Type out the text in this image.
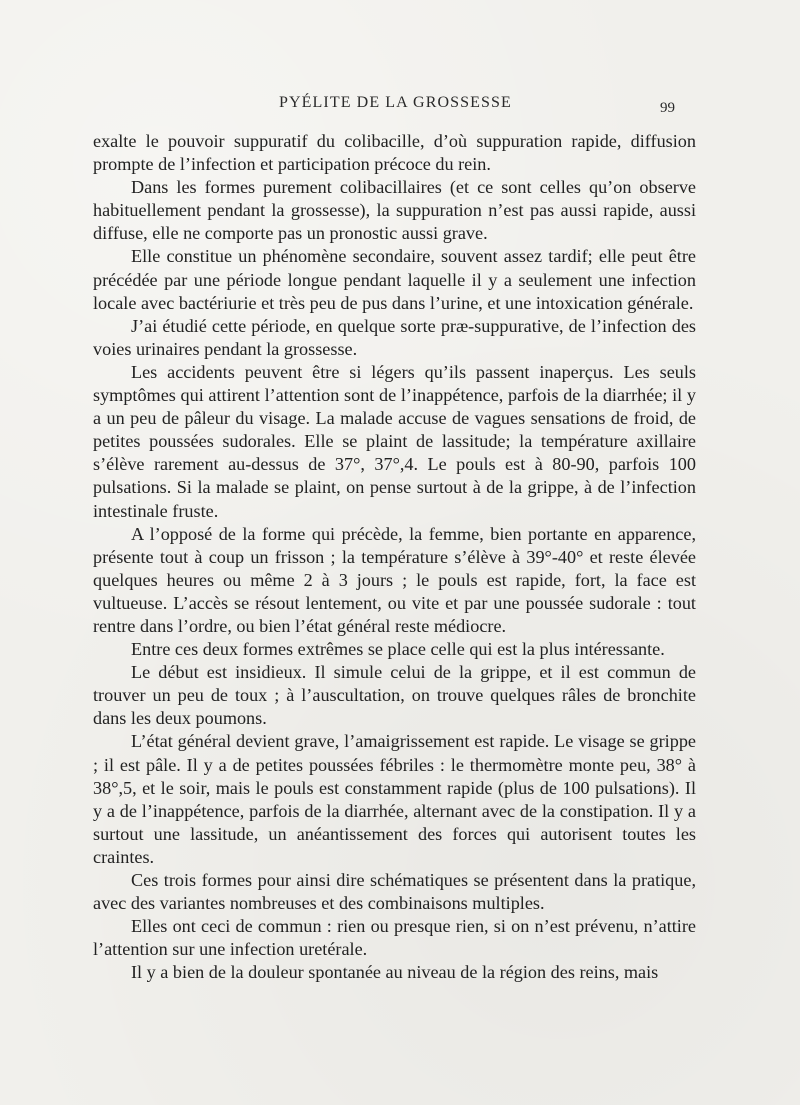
PYÉLITE DE LA GROSSESSE	99

exalte le pouvoir suppuratif du colibacille, d’où suppuration rapide, diffusion prompte de l’infection et participation précoce du rein.

Dans les formes purement colibacillaires (et ce sont celles qu’on observe habituellement pendant la grossesse), la suppuration n’est pas aussi rapide, aussi diffuse, elle ne comporte pas un pronostic aussi grave.

Elle constitue un phénomène secondaire, souvent assez tardif; elle peut être précédée par une période longue pendant laquelle il y a seulement une infection locale avec bactériurie et très peu de pus dans l’urine, et une intoxication générale.

J’ai étudié cette période, en quelque sorte præ-suppurative, de l’infection des voies urinaires pendant la grossesse.

Les accidents peuvent être si légers qu’ils passent inaperçus. Les seuls symptômes qui attirent l’attention sont de l’inappétence, parfois de la diarrhée; il y a un peu de pâleur du visage. La malade accuse de vagues sensations de froid, de petites poussées sudorales. Elle se plaint de lassitude; la température axillaire s’élève rarement au-dessus de 37°, 37°,4. Le pouls est à 80-90, parfois 100 pulsations. Si la malade se plaint, on pense surtout à de la grippe, à de l’infection intestinale fruste.

A l’opposé de la forme qui précède, la femme, bien portante en apparence, présente tout à coup un frisson ; la température s’élève à 39°-40° et reste élevée quelques heures ou même 2 à 3 jours ; le pouls est rapide, fort, la face est vultueuse. L’accès se résout lentement, ou vite et par une poussée sudorale : tout rentre dans l’ordre, ou bien l’état général reste médiocre.

Entre ces deux formes extrêmes se place celle qui est la plus intéressante.

Le début est insidieux. Il simule celui de la grippe, et il est commun de trouver un peu de toux ; à l’auscultation, on trouve quelques râles de bronchite dans les deux poumons.

L’état général devient grave, l’amaigrissement est rapide. Le visage se grippe ; il est pâle. Il y a de petites poussées fébriles : le thermomètre monte peu, 38° à 38°,5, et le soir, mais le pouls est constamment rapide (plus de 100 pulsations). Il y a de l’inappétence, parfois de la diarrhée, alternant avec de la constipation. Il y a surtout une lassitude, un anéantissement des forces qui autorisent toutes les craintes.

Ces trois formes pour ainsi dire schématiques se présentent dans la pratique, avec des variantes nombreuses et des combinaisons multiples.

Elles ont ceci de commun : rien ou presque rien, si on n’est prévenu, n’attire l’attention sur une infection uretérale.

Il y a bien de la douleur spontanée au niveau de la région des reins, mais
